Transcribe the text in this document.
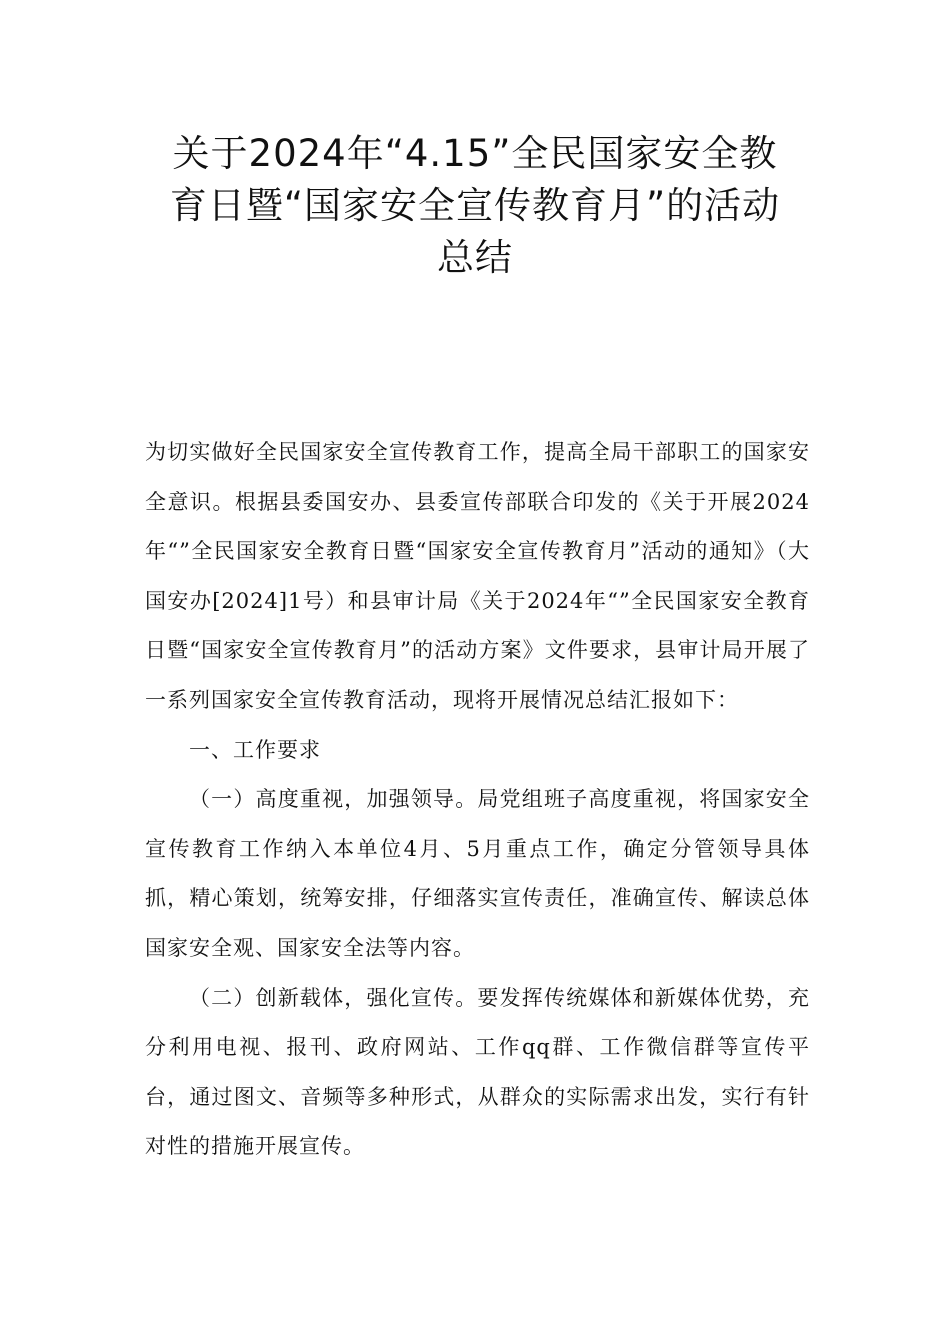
关于2024年“4.15”全民国家安全教
育日暨“国家安全宣传教育月”的活动
总结

为切实做好全民国家安全宣传教育工作，提高全局干部职工的国家安全意识。根据县委国安办、县委宣传部联合印发的《关于开展2024年“”全民国家安全教育日暨“国家安全宣传教育月”活动的通知》（大国安办[2024]1号）和县审计局《关于2024年“”全民国家安全教育日暨“国家安全宣传教育月”的活动方案》文件要求，县审计局开展了一系列国家安全宣传教育活动，现将开展情况总结汇报如下：

一、工作要求

（一）高度重视，加强领导。局党组班子高度重视，将国家安全宣传教育工作纳入本单位4月、5月重点工作，确定分管领导具体抓，精心策划，统筹安排，仔细落实宣传责任，准确宣传、解读总体国家安全观、国家安全法等内容。

（二）创新载体，强化宣传。要发挥传统媒体和新媒体优势，充分利用电视、报刊、政府网站、工作qq群、工作微信群等宣传平台，通过图文、音频等多种形式，从群众的实际需求出发，实行有针对性的措施开展宣传。
